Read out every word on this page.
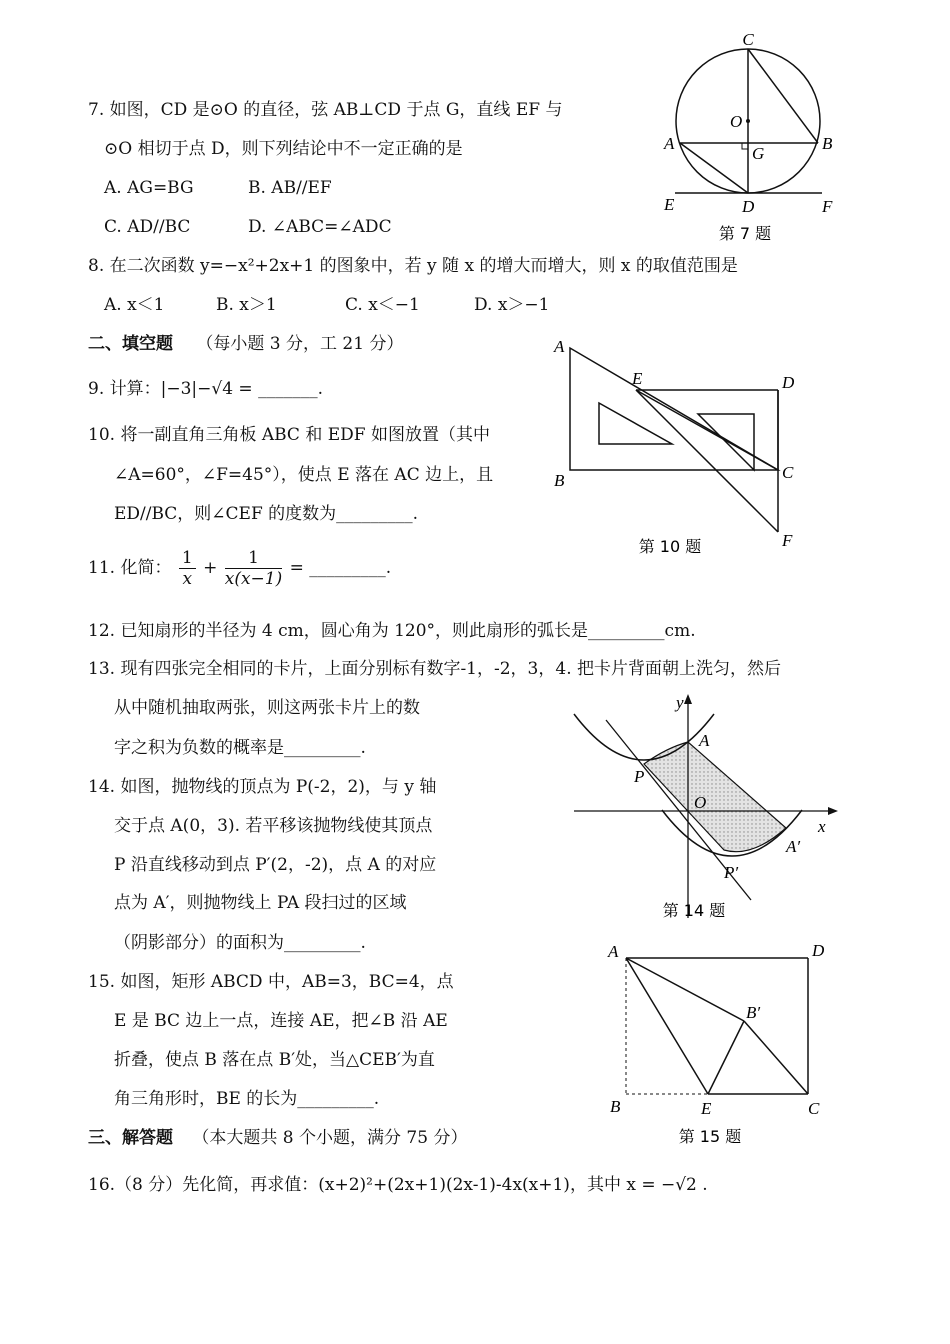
7. 如图，CD 是⊙O 的直径，弦 AB⊥CD 于点 G，直线 EF 与
⊙O 相切于点 D，则下列结论中不一定正确的是
A. AG=BG	B. AB//EF
C. AD//BC	D. ∠ABC=∠ADC
C
O
A	B
G
E	D	F
第 7 题
8. 在二次函数 y=−x²+2x+1 的图象中，若 y 随 x 的增大而增大，则 x 的取值范围是
A. x＜1	B. x＞1	C. x＜−1	D. x＞−1
二、填空题 （每小题 3 分，工 21 分）
9. 计算：|−3|−√4 = _______.
10. 将一副直角三角板 ABC 和 EDF 如图放置（其中
∠A=60°，∠F=45°），使点 E 落在 AC 边上，且
ED//BC，则∠CEF 的度数为_________.
A
E	D
B	C
F
第 10 题
11. 化简： $\frac{1}{x} + \frac{1}{x(x-1)}$ = _________.
12. 已知扇形的半径为 4 cm，圆心角为 120°，则此扇形的弧长是_________cm.
13. 现有四张完全相同的卡片，上面分别标有数字-1，-2，3，4. 把卡片背面朝上洗匀，然后
从中随机抽取两张，则这两张卡片上的数
字之积为负数的概率是_________.
14. 如图，抛物线的顶点为 P(-2，2)，与 y 轴
交于点 A(0，3). 若平移该抛物线使其顶点
P 沿直线移动到点 P′(2，-2)，点 A 的对应
点为 A′，则抛物线上 PA 段扫过的区域
（阴影部分）的面积为_________.
y
A
P
O
x
A′
P′
第 14 题
15. 如图，矩形 ABCD 中，AB=3，BC=4，点
E 是 BC 边上一点，连接 AE，把∠B 沿 AE
折叠，使点 B 落在点 B′处，当△CEB′为直
角三角形时，BE 的长为_________.
A	D
B′
B	E	C
第 15 题
三、解答题 （本大题共 8 个小题，满分 75 分）
16.（8 分）先化简，再求值：(x+2)²+(2x+1)(2x-1)-4x(x+1)，其中 x = −√2 .
